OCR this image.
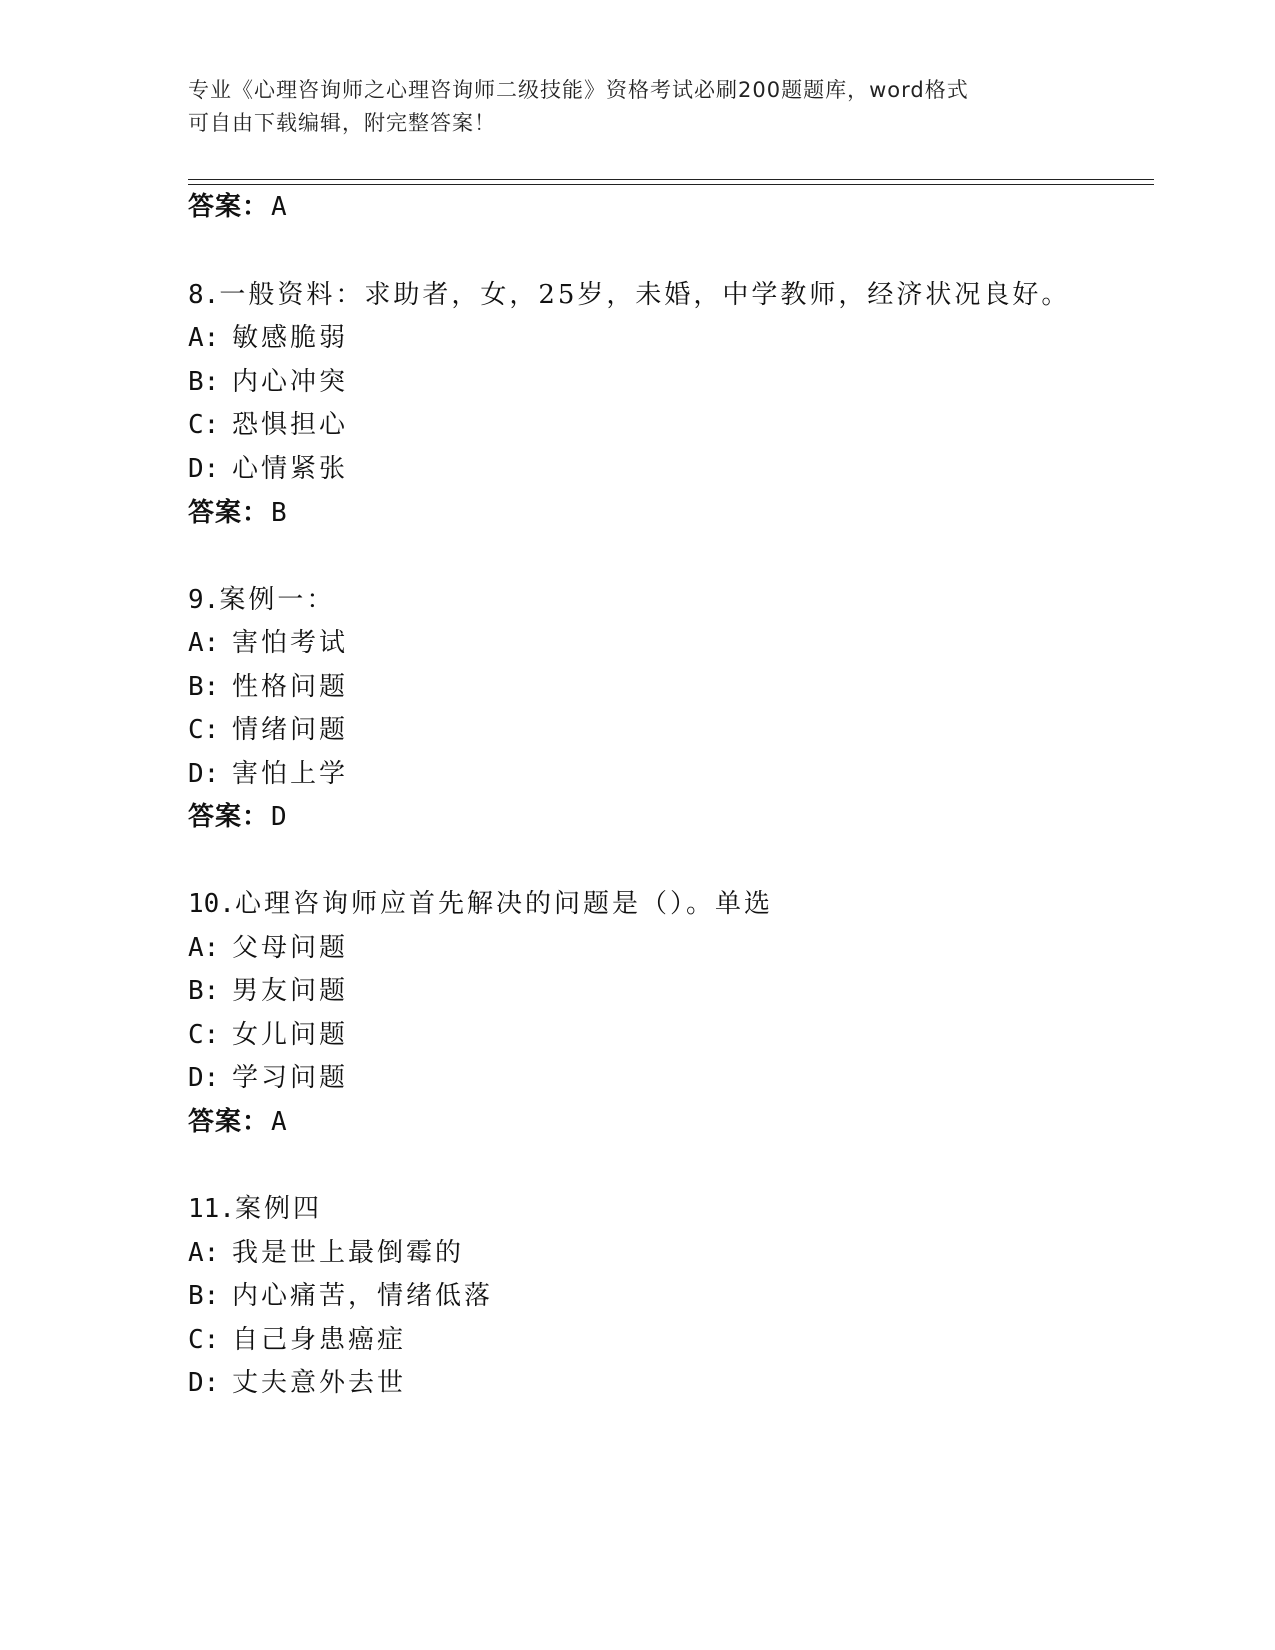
专业《心理咨询师之心理咨询师二级技能》资格考试必刷200题题库，word格式
可自由下载编辑，附完整答案！
答案：A
8.一般资料：求助者，女，25岁，未婚，中学教师，经济状况良好。
A: 敏感脆弱
B: 内心冲突
C: 恐惧担心
D: 心情紧张
答案：B
9.案例一：
A: 害怕考试
B: 性格问题
C: 情绪问题
D: 害怕上学
答案：D
10.心理咨询师应首先解决的问题是（）。单选
A: 父母问题
B: 男友问题
C: 女儿问题
D: 学习问题
答案：A
11.案例四
A: 我是世上最倒霉的
B: 内心痛苦，情绪低落
C: 自己身患癌症
D: 丈夫意外去世
